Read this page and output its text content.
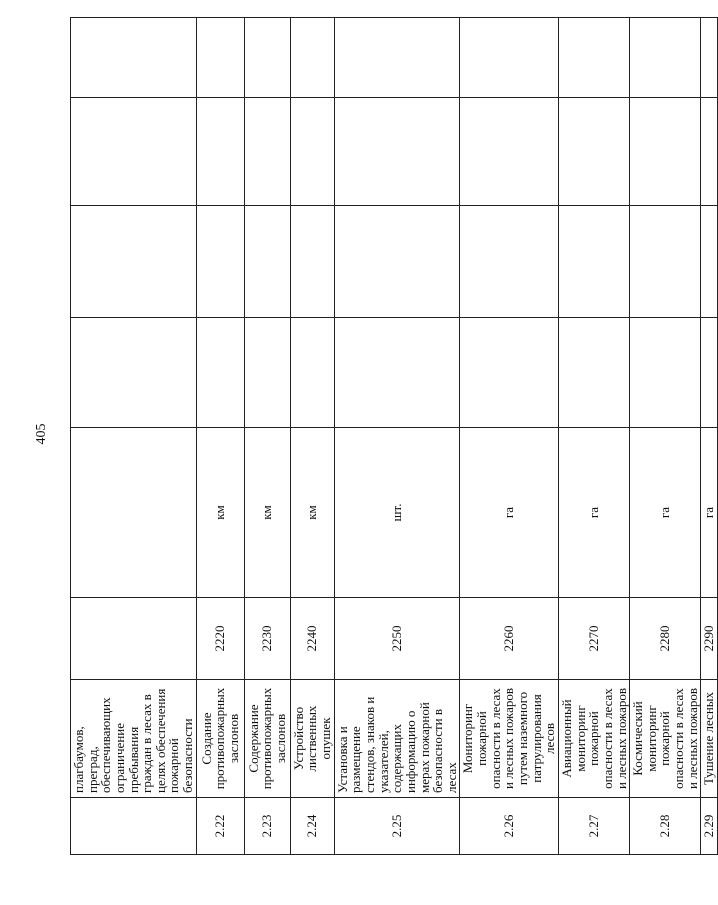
405
	плагбаумов, преград, обеспечивающих ограничение пребывания граждан в лесах в целях обеспечения пожарной безопасности						
2.22	Создание противопожарных заслонов	2220	км				
2.23	Содержание противопожарных заслонов	2230	км				
2.24	Устройство лиственных опушек	2240	км				
2.25	Установка и размещение стендов, знаков и указателей, содержащих информацию о мерах пожарной безопасности в лесах	2250	шт.				
2.26	Мониторинг пожарной опасности в лесах и лесных пожаров путем наземного патрулирования лесов	2260	га				
2.27	Авиационный мониторинг пожарной опасности в лесах и лесных пожаров	2270	га				
2.28	Космический мониторинг пожарной опасности в лесах и лесных пожаров	2280	га				
2.29	Тушение лесных	2290	га				
